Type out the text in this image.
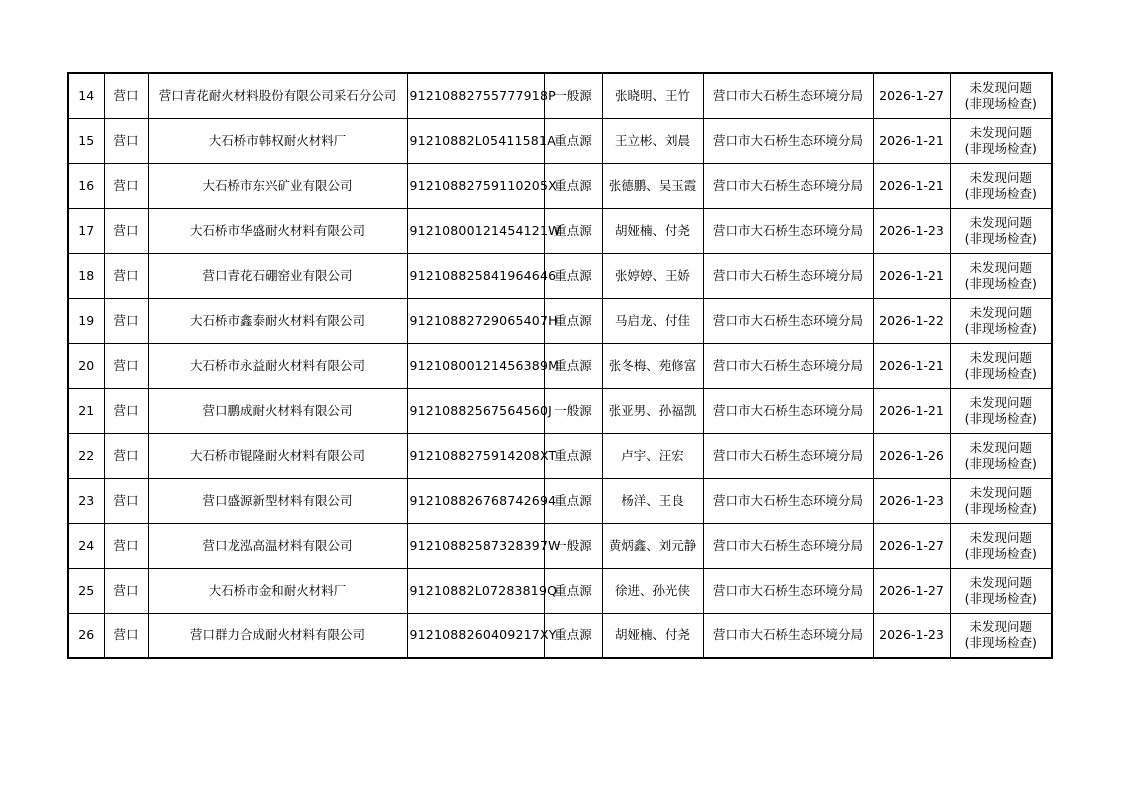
14	营口	营口青花耐火材料股份有限公司采石分公司	91210882755777918P	一般源	张晓明、王竹	营口市大石桥生态环境分局	2026-1-27	未发现问题
(非现场检查)

15	营口	大石桥市韩权耐火材料厂	91210882L05411581A	重点源	王立彬、刘晨	营口市大石桥生态环境分局	2026-1-21	未发现问题
(非现场检查)

16	营口	大石桥市东兴矿业有限公司	91210882759110205X	重点源	张德鹏、吴玉霞	营口市大石桥生态环境分局	2026-1-21	未发现问题
(非现场检查)

17	营口	大石桥市华盛耐火材料有限公司	91210800121454121W	重点源	胡娅楠、付尧	营口市大石桥生态环境分局	2026-1-23	未发现问题
(非现场检查)

18	营口	营口青花石硼窑业有限公司	91210882584196464​6	重点源	张婷婷、王娇	营口市大石桥生态环境分局	2026-1-21	未发现问题
(非现场检查)

19	营口	大石桥市鑫泰耐火材料有限公司	91210882729065407H	重点源	马启龙、付佳	营口市大石桥生态环境分局	2026-1-22	未发现问题
(非现场检查)

20	营口	大石桥市永益耐火材料有限公司	91210800121456389M	重点源	张冬梅、苑修富	营口市大石桥生态环境分局	2026-1-21	未发现问题
(非现场检查)

21	营口	营口鹏成耐火材料有限公司	91210882567564560J	一般源	张亚男、孙福凯	营口市大石桥生态环境分局	2026-1-21	未发现问题
(非现场检查)

22	营口	大石桥市锟隆耐火材料有限公司	912108827591420​8XT	重点源	卢宇、汪宏	营口市大石桥生态环境分局	2026-1-26	未发现问题
(非现场检查)

23	营口	营口盛源新型材料有限公司	912108826768742694	重点源	杨洋、王良	营口市大石桥生态环境分局	2026-1-23	未发现问题
(非现场检查)

24	营口	营口龙泓高温材料有限公司	91210882587328397W	一般源	黄炳鑫、刘元静	营口市大石桥生态环境分局	2026-1-27	未发现问题
(非现场检查)

25	营口	大石桥市金和耐火材料厂	91210882L07283819Q	重点源	徐进、孙光侠	营口市大石桥生态环境分局	2026-1-27	未发现问题
(非现场检查)

26	营口	营口群力合成耐火材料有限公司	912108826040921​7XY	重点源	胡娅楠、付尧	营口市大石桥生态环境分局	2026-1-23	未发现问题
(非现场检查)
